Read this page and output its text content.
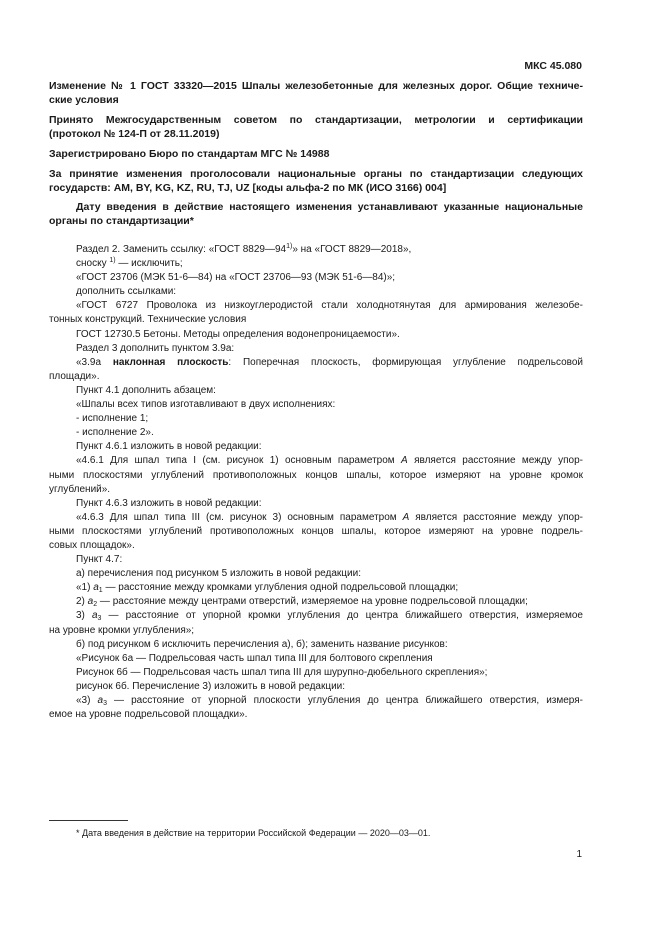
МКС 45.080
Изменение № 1 ГОСТ 33320—2015 Шпалы железобетонные для железных дорог. Общие техниче-
ские условия
Принято Межгосударственным советом по стандартизации, метрологии и сертификации
(протокол № 124-П от 28.11.2019)
Зарегистрировано Бюро по стандартам МГС № 14988
За принятие изменения проголосовали национальные органы по стандартизации следующих
государств: AM, BY, KG, KZ, RU, TJ, UZ [коды альфа-2 по МК (ИСО 3166) 004]
Дату введения в действие настоящего изменения устанавливают указанные национальные
органы по стандартизации*
Раздел 2. Заменить ссылку: «ГОСТ 8829—94$^{1)}$» на «ГОСТ 8829—2018»,
сноску $^{1)}$ — исключить;
«ГОСТ 23706 (МЭК 51-6—84) на «ГОСТ 23706—93 (МЭК 51-6—84)»;
дополнить ссылками:
«ГОСТ 6727 Проволока из низкоуглеродистой стали холоднотянутая для армирования железобе-
тонных конструкций. Технические условия
ГОСТ 12730.5 Бетоны. Методы определения водонепроницаемости».
Раздел 3 дополнить пунктом 3.9а:
«3.9а наклонная плоскость: Поперечная плоскость, формирующая углубление подрельсовой
площади».
Пункт 4.1 дополнить абзацем:
«Шпалы всех типов изготавливают в двух исполнениях:
- исполнение 1;
- исполнение 2».
Пункт 4.6.1 изложить в новой редакции:
«4.6.1 Для шпал типа I (см. рисунок 1) основным параметром А является расстояние между упор-
ными плоскостями углублений противоположных концов шпалы, которое измеряют на уровне кромок
углублений».
Пункт 4.6.3 изложить в новой редакции:
«4.6.3 Для шпал типа III (см. рисунок 3) основным параметром А является расстояние между упор-
ными плоскостями углублений противоположных концов шпалы, которое измеряют на уровне подрель-
совых площадок».
Пункт 4.7:
а) перечисления под рисунком 5 изложить в новой редакции:
«1) $a_1$ — расстояние между кромками углубления одной подрельсовой площадки;
2) $a_2$ — расстояние между центрами отверстий, измеряемое на уровне подрельсовой площадки;
3) $a_3$ — расстояние от упорной кромки углубления до центра ближайшего отверстия, измеряемое
на уровне кромки углубления»;
б) под рисунком 6 исключить перечисления а), б); заменить название рисунков:
«Рисунок 6а — Подрельсовая часть шпал типа III для болтового скрепления
Рисунок 6б — Подрельсовая часть шпал типа III для шурупно-дюбельного скрепления»;
рисунок 6б. Перечисление 3) изложить в новой редакции:
«3) $a_3$ — расстояние от упорной плоскости углубления до центра ближайшего отверстия, измеря-
емое на уровне подрельсовой площадки».
* Дата введения в действие на территории Российской Федерации — 2020—03—01.
1
